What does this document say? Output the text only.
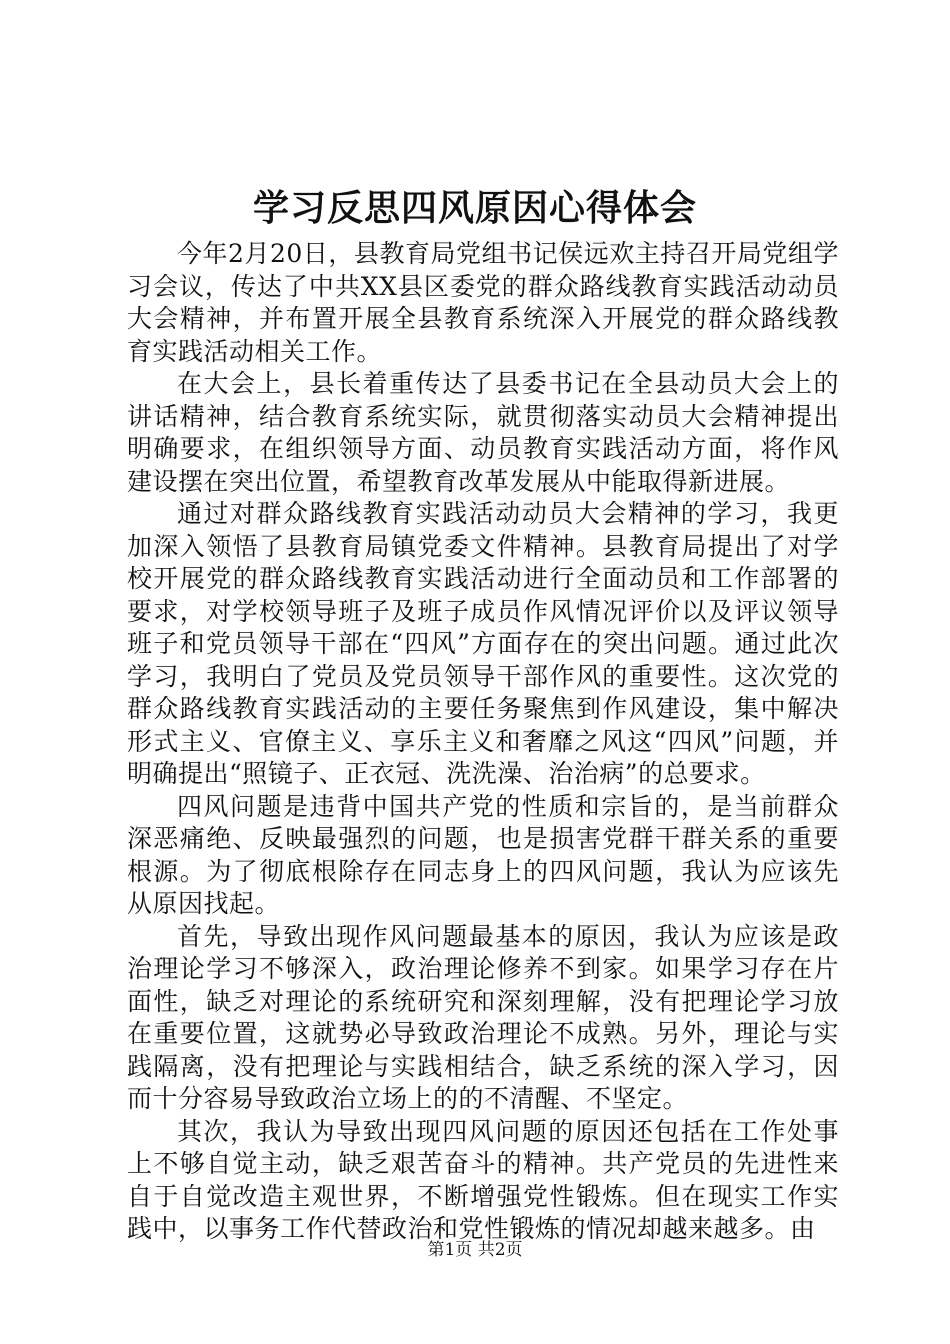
学习反思四风原因心得体会

今年2月20日，县教育局党组书记侯远欢主持召开局党组学习会议，传达了中共XX县区委党的群众路线教育实践活动动员大会精神，并布置开展全县教育系统深入开展党的群众路线教育实践活动相关工作。

在大会上，县长着重传达了县委书记在全县动员大会上的讲话精神，结合教育系统实际，就贯彻落实动员大会精神提出明确要求，在组织领导方面、动员教育实践活动方面，将作风建设摆在突出位置，希望教育改革发展从中能取得新进展。

通过对群众路线教育实践活动动员大会精神的学习，我更加深入领悟了县教育局镇党委文件精神。县教育局提出了对学校开展党的群众路线教育实践活动进行全面动员和工作部署的要求，对学校领导班子及班子成员作风情况评价以及评议领导班子和党员领导干部在“四风”方面存在的突出问题。通过此次学习，我明白了党员及党员领导干部作风的重要性。这次党的群众路线教育实践活动的主要任务聚焦到作风建设，集中解决形式主义、官僚主义、享乐主义和奢靡之风这“四风”问题，并明确提出“照镜子、正衣冠、洗洗澡、治治病”的总要求。

四风问题是违背中国共产党的性质和宗旨的，是当前群众深恶痛绝、反映最强烈的问题，也是损害党群干群关系的重要根源。为了彻底根除存在同志身上的四风问题，我认为应该先从原因找起。

首先，导致出现作风问题最基本的原因，我认为应该是政治理论学习不够深入，政治理论修养不到家。如果学习存在片面性，缺乏对理论的系统研究和深刻理解，没有把理论学习放在重要位置，这就势必导致政治理论不成熟。另外，理论与实践隔离，没有把理论与实践相结合，缺乏系统的深入学习，因而十分容易导致政治立场上的的不清醒、不坚定。

其次，我认为导致出现四风问题的原因还包括在工作处事上不够自觉主动，缺乏艰苦奋斗的精神。共产党员的先进性来自于自觉改造主观世界，不断增强党性锻炼。但在现实工作实践中，以事务工作代替政治和党性锻炼的情况却越来越多。由

第1页 共2页
